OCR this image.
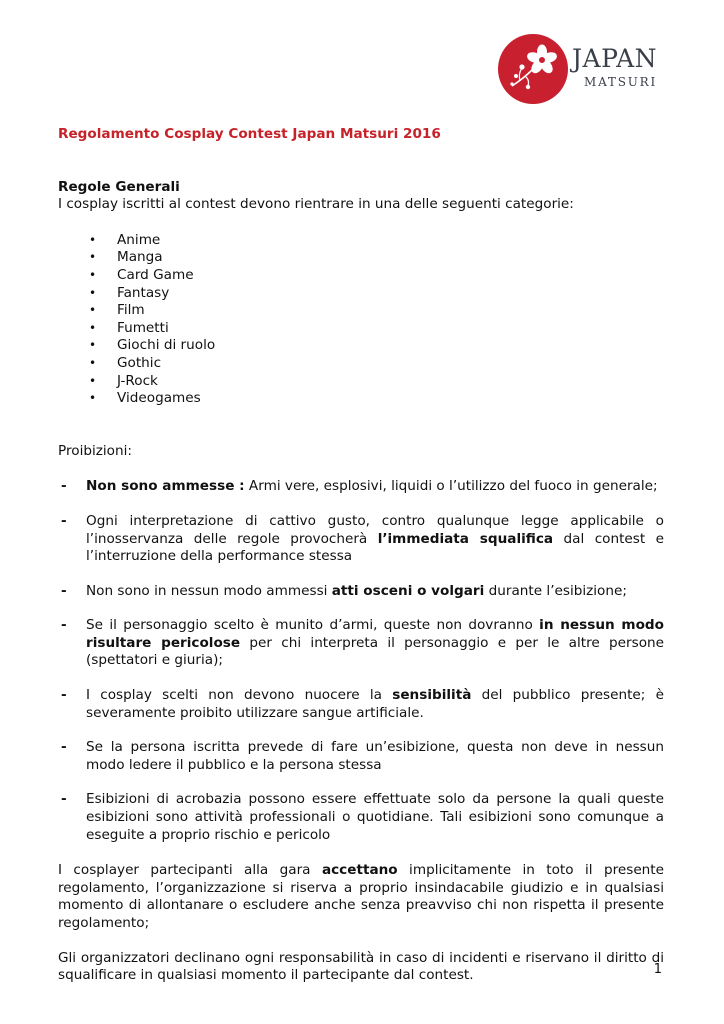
JAPAN
MATSURI

Regolamento Cosplay Contest Japan Matsuri 2016

Regole Generali

I cosplay iscritti al contest devono rientrare in una delle seguenti categorie:

• Anime
• Manga
• Card Game
• Fantasy
• Film
• Fumetti
• Giochi di ruolo
• Gothic
• J-Rock
• Videogames

Proibizioni:

- Non sono ammesse : Armi vere, esplosivi, liquidi o l’utilizzo del fuoco in generale;
- Ogni interpretazione di cattivo gusto, contro qualunque legge applicabile o l’inosservanza delle regole provocherà l’immediata squalifica dal contest e l’interruzione della performance stessa
- Non sono in nessun modo ammessi atti osceni o volgari durante l’esibizione;
- Se il personaggio scelto è munito d’armi, queste non dovranno in nessun modo risultare pericolose per chi interpreta il personaggio e per le altre persone (spettatori e giuria);
- I cosplay scelti non devono nuocere la sensibilità del pubblico presente; è severamente proibito utilizzare sangue artificiale.
- Se la persona iscritta prevede di fare un’esibizione, questa non deve in nessun modo ledere il pubblico e la persona stessa
- Esibizioni di acrobazia possono essere effettuate solo da persone la quali queste esibizioni sono attività professionali o quotidiane. Tali esibizioni sono comunque a eseguite a proprio rischio e pericolo

I cosplayer partecipanti alla gara accettano implicitamente in toto il presente regolamento, l’organizzazione si riserva a proprio insindacabile giudizio e in qualsiasi momento di allontanare o escludere anche senza preavviso chi non rispetta il presente regolamento;

Gli organizzatori declinano ogni responsabilità in caso di incidenti e riservano il diritto di squalificare in qualsiasi momento il partecipante dal contest.	1
